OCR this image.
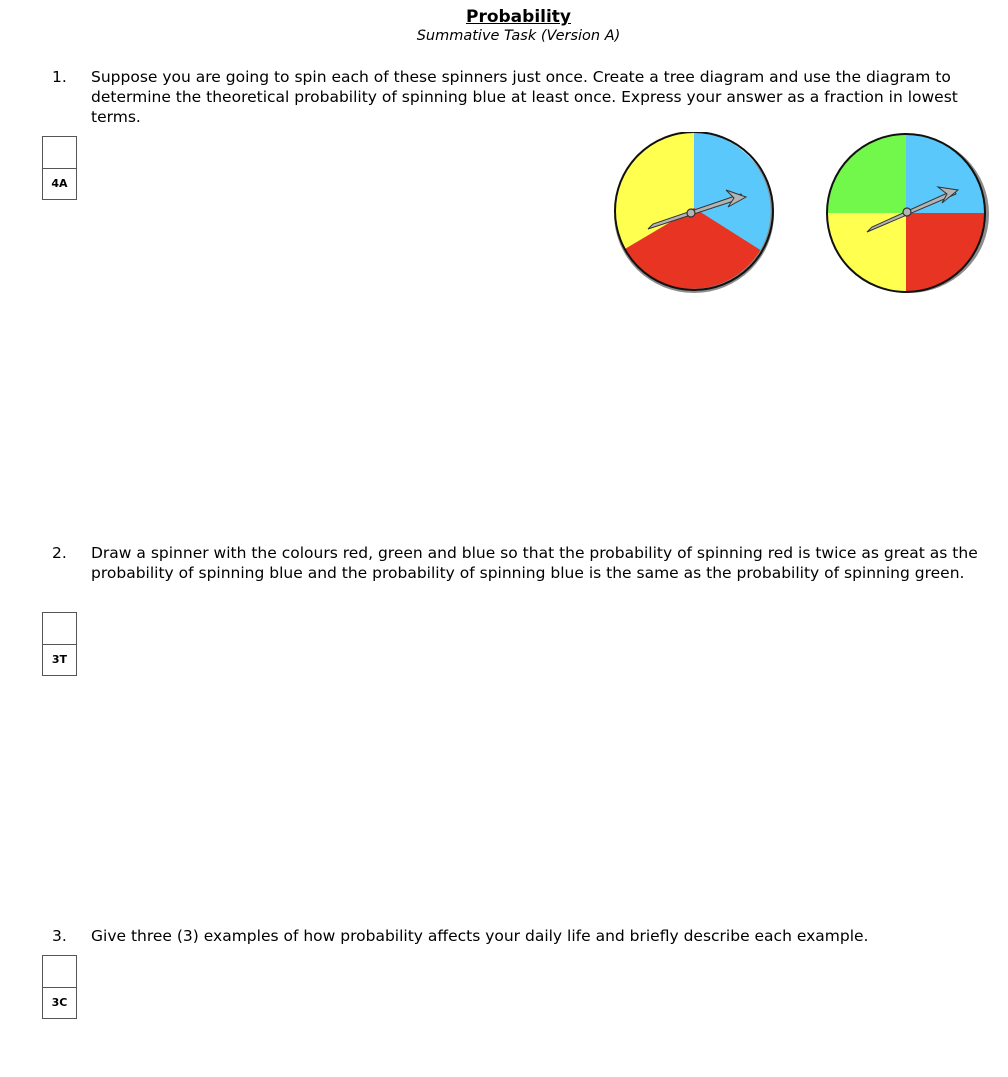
Probability
Summative Task (Version A)
1. Suppose you are going to spin each of these spinners just once. Create a tree diagram and use the diagram to determine the theoretical probability of spinning blue at least once. Express your answer as a fraction in lowest terms.
4A
2. Draw a spinner with the colours red, green and blue so that the probability of spinning red is twice as great as the probability of spinning blue and the probability of spinning blue is the same as the probability of spinning green.
3T
3. Give three (3) examples of how probability affects your daily life and briefly describe each example.
3C
